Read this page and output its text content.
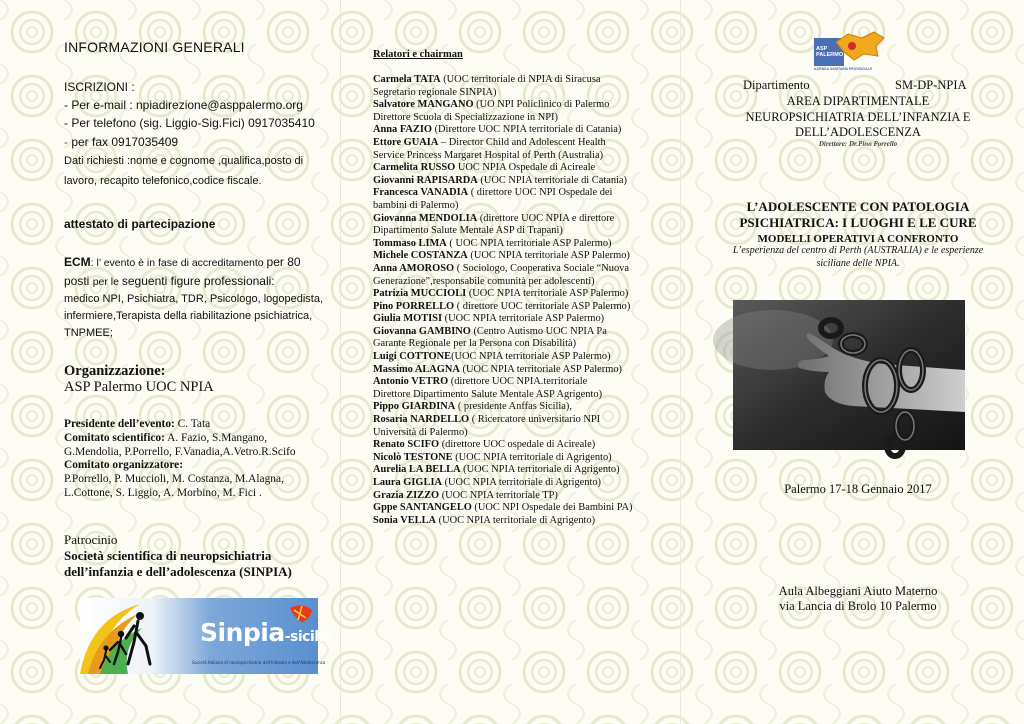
INFORMAZIONI GENERALI
ISCRIZIONI :
- Per e-mail : npiadirezione@asppalermo.org
- Per telefono (sig. Liggio-Sig.Fici) 0917035410
- per fax 0917035409
Dati richiesti :nome e cognome ,qualifica,posto di
lavoro, recapito telefonico,codice fiscale.
attestato di partecipazione
ECM: l’ evento è in fase di accreditamento per 80
posti per le seguenti figure professionali:
medico NPI, Psichiatra, TDR, Psicologo, logopedista,
infermiere,Terapista della riabilitazione psichiatrica,
TNPMEE;
Organizzazione:
ASP Palermo UOC NPIA
Presidente dell’evento: C. Tata
Comitato scientifico: A. Fazio, S.Mangano,
G.Mendolia, P.Porrello, F.Vanadia,A.Vetro.R.Scifo
Comitato organizzatore:
P.Porrello, P. Muccioli, M. Costanza, M.Alagna,
L.Cottone, S. Liggio, A. Morbino, M. Fici .
Patrocinio
Società scientifica di neuropsichiatria
dell’infanzia e dell’adolescenza (SINPIA)
Sinpia-sicilia
Società Italiana di neuropsichiatria dell'Infanzia e dell'Adolescenza
Relatori e chairman
Carmela TATA (UOC territoriale di NPIA di Siracusa
Segretario regionale SINPIA)
Salvatore MANGANO (UO NPI Policlinico di Palermo
Direttore Scuola di Specializzazione in NPI)
Anna FAZIO (Direttore UOC NPIA territoriale di Catania)
Ettore GUAIA – Director Child and Adolescent Health
Service Princess Margaret Hospital of Perth (Australia)
Carmelita RUSSO UOC NPIA Ospedale di Acireale
Giovanni RAPISARDA (UOC NPIA territoriale di Catania)
Francesca VANADIA ( direttore UOC NPI Ospedale dei
bambini di Palermo)
Giovanna MENDOLIA (direttore UOC NPIA e direttore
Dipartimento Salute Mentale ASP di Trapani)
Tommaso LIMA ( UOC NPIA territoriale ASP Palermo)
Michele COSTANZA (UOC NPIA territoriale ASP Palermo)
Anna AMOROSO ( Sociologo, Cooperativa Sociale “Nuova
Generazione”,responsabile comunità per adolescenti)
Patrizia MUCCIOLI (UOC NPIA territoriale ASP Palermo)
Pino PORRELLO ( direttore UOC territoriale ASP Palermo)
Giulia MOTISI (UOC NPIA territoriale ASP Palermo)
Giovanna GAMBINO (Centro Autismo UOC NPIA Pa
Garante Regionale per la Persona con Disabilità)
Luigi COTTONE(UOC NPIA territoriale ASP Palermo)
Massimo ALAGNA (UOC NPIA territoriale ASP Palermo)
Antonio VETRO (direttore UOC NPIA.territoriale
Direttore Dipartimento Salute Mentale ASP Agrigento)
Pippo GIARDINA ( presidente Anffas Sicilia),
Rosaria NARDELLO ( Ricercatore universitario NPI
Università di Palermo)
Renato SCIFO (direttore UOC ospedale di Acireale)
Nicolò TESTONE (UOC NPIA territoriale di Agrigento)
Aurelia LA BELLA (UOC NPIA territoriale di Agrigento)
Laura GIGLIA (UOC NPIA territoriale di Agrigento)
Grazia ZIZZO (UOC NPIA territoriale TP)
Gppe SANTANGELO (UOC NPI Ospedale dei Bambini PA)
Sonia VELLA (UOC NPIA territoriale di Agrigento)
ASP
PALERMO
AZIENDA SANITARIA PROVINCIALE
Dipartimento	SM-DP-NPIA
AREA DIPARTIMENTALE
NEUROPSICHIATRIA DELL’INFANZIA E
DELL’ADOLESCENZA
Direttore: Dr.Pino Porrello
L’ADOLESCENTE CON PATOLOGIA
PSICHIATRICA: I LUOGHI E LE CURE
MODELLI OPERATIVI A CONFRONTO
L’esperienza del centro di Perth (AUSTRALIA) e le esperienze
siciliane delle NPIA.
Palermo 17-18 Gennaio 2017
Aula Albeggiani Aiuto Materno
via Lancia di Brolo 10 Palermo
